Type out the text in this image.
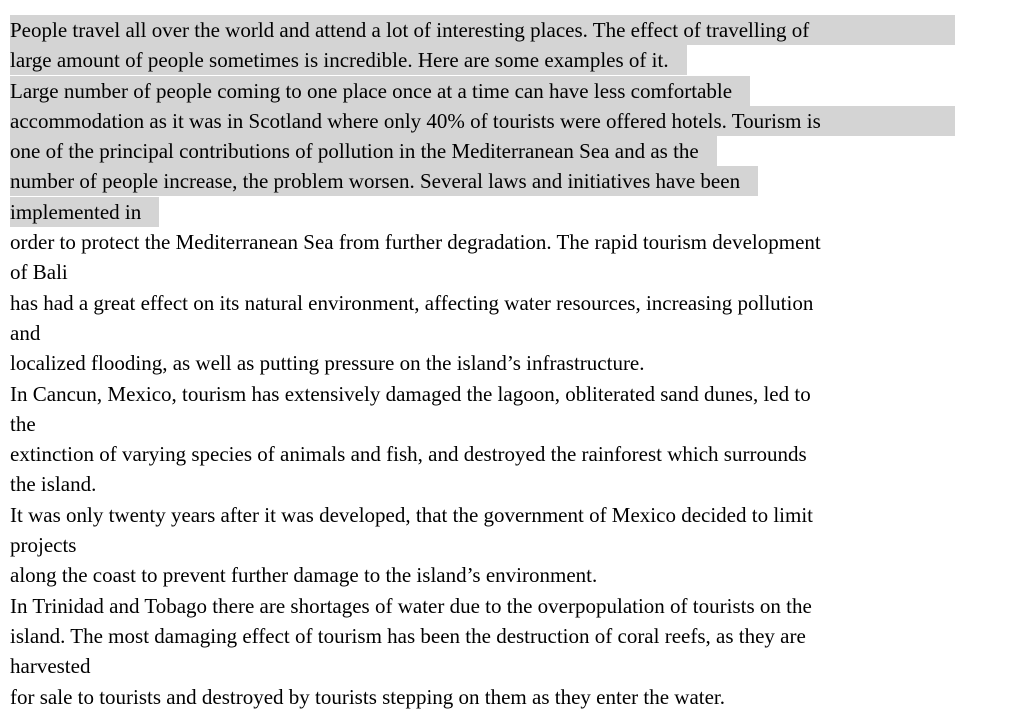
People travel all over the world and attend a lot of interesting places. The effect of travelling of
large amount of people sometimes is incredible. Here are some examples of it.
Large number of people coming to one place once at a time can have less comfortable
accommodation as it was in Scotland where only 40% of tourists were offered hotels. Tourism is
one of the principal contributions of pollution in the Mediterranean Sea and as the
number of people increase, the problem worsen. Several laws and initiatives have been
implemented in
order to protect the Mediterranean Sea from further degradation. The rapid tourism development
of Bali
has had a great effect on its natural environment, affecting water resources, increasing pollution
and
localized flooding, as well as putting pressure on the island’s infrastructure.
In Cancun, Mexico, tourism has extensively damaged the lagoon, obliterated sand dunes, led to
the
extinction of varying species of animals and fish, and destroyed the rainforest which surrounds
the island.
It was only twenty years after it was developed, that the government of Mexico decided to limit
projects
along the coast to prevent further damage to the island’s environment.
In Trinidad and Tobago there are shortages of water due to the overpopulation of tourists on the
island. The most damaging effect of tourism has been the destruction of coral reefs, as they are
harvested
for sale to tourists and destroyed by tourists stepping on them as they enter the water.
